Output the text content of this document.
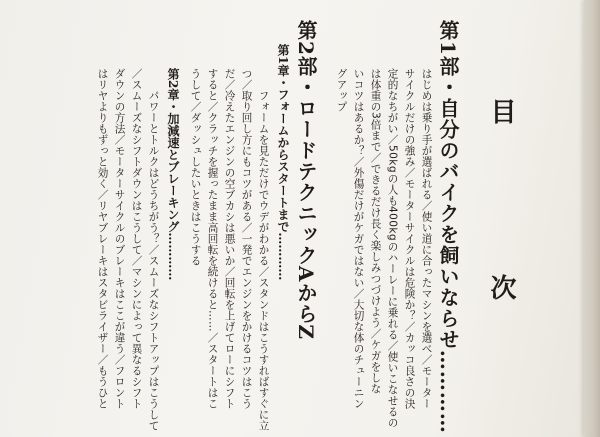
目　次
第1部・自分のバイクを飼いならせ…………
はじめは乗り手が選ばれる／使い道に合ったマシンを選べ／モーター
サイクルだけの強み／モーターサイクルは危険か？／カッコ良さの決
定的なちがい／50kgの人も400kgのハーレーに乗れる／使いこなせるの
は体重の3倍まで／できるだけ長く楽しみつづけよう／ケガをしな
いコツはあるか？／外傷だけがケガではない／大切な体のチューニン
グアップ
第2部・ロードテクニックAからZ
第1章・フォームからスタートまで…………
フォームを見ただけでウデがわかる／スタンドはこうすればすぐに立
つ／取り回し方にもコツがある／一発でエンジンをかけるコツはこう
だ／冷えたエンジンの空ブカシは悪いか／回転を上げてローにシフト
すると／クラッチを握ったまま高回転を続けると……／スタートはこ
うして／ダッシュしたいときはこうする
第2章・加減速とブレーキング…………
パワーとトルクはどうちがう？／スムーズなシフトアップはこうして
／スムーズなシフトダウンはこうして／マシンによって異なるシフト
ダウンの方法／モーターサイクルのブレーキはここが違う／フロント
はリヤよりもずっと効く／リヤブレーキはスタビライザー／もうひと
